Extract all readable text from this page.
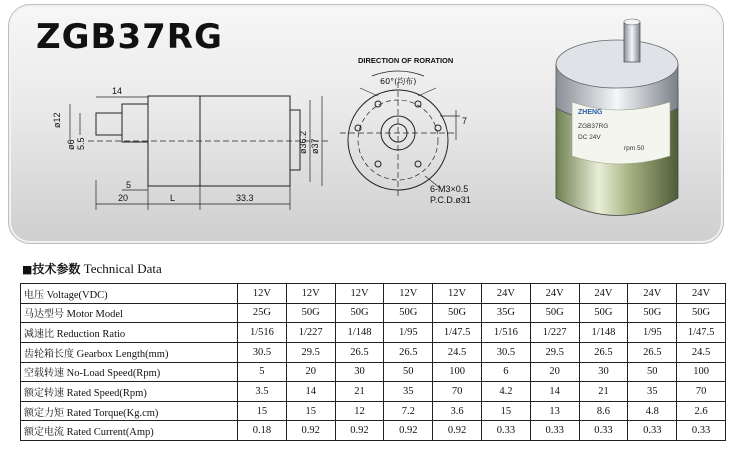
ZGB37RG
14
ø12
ø6 5.5
5
20	L	33.3
ø36.2 ø37
DIRECTION OF RORATION
60°(均布)
7
6-M3×0.5
P.C.D.ø31
ZHENG
ZGB37RG
DC 24V
rpm 50
■技术参数 Technical Data
电压 Voltage(VDC)	12V	12V	12V	12V	12V	24V	24V	24V	24V	24V
马达型号 Motor Model	25G	50G	50G	50G	50G	35G	50G	50G	50G	50G
减速比 Reduction Ratio	1/516	1/227	1/148	1/95	1/47.5	1/516	1/227	1/148	1/95	1/47.5
齿轮箱长度 Gearbox Length(mm)	30.5	29.5	26.5	26.5	24.5	30.5	29.5	26.5	26.5	24.5
空载转速 No-Load Speed(Rpm)	5	20	30	50	100	6	20	30	50	100
额定转速 Rated Speed(Rpm)	3.5	14	21	35	70	4.2	14	21	35	70
额定力矩 Rated Torque(Kg.cm)	15	15	12	7.2	3.6	15	13	8.6	4.8	2.6
额定电流 Rated Current(Amp)	0.18	0.92	0.92	0.92	0.92	0.33	0.33	0.33	0.33	0.33
